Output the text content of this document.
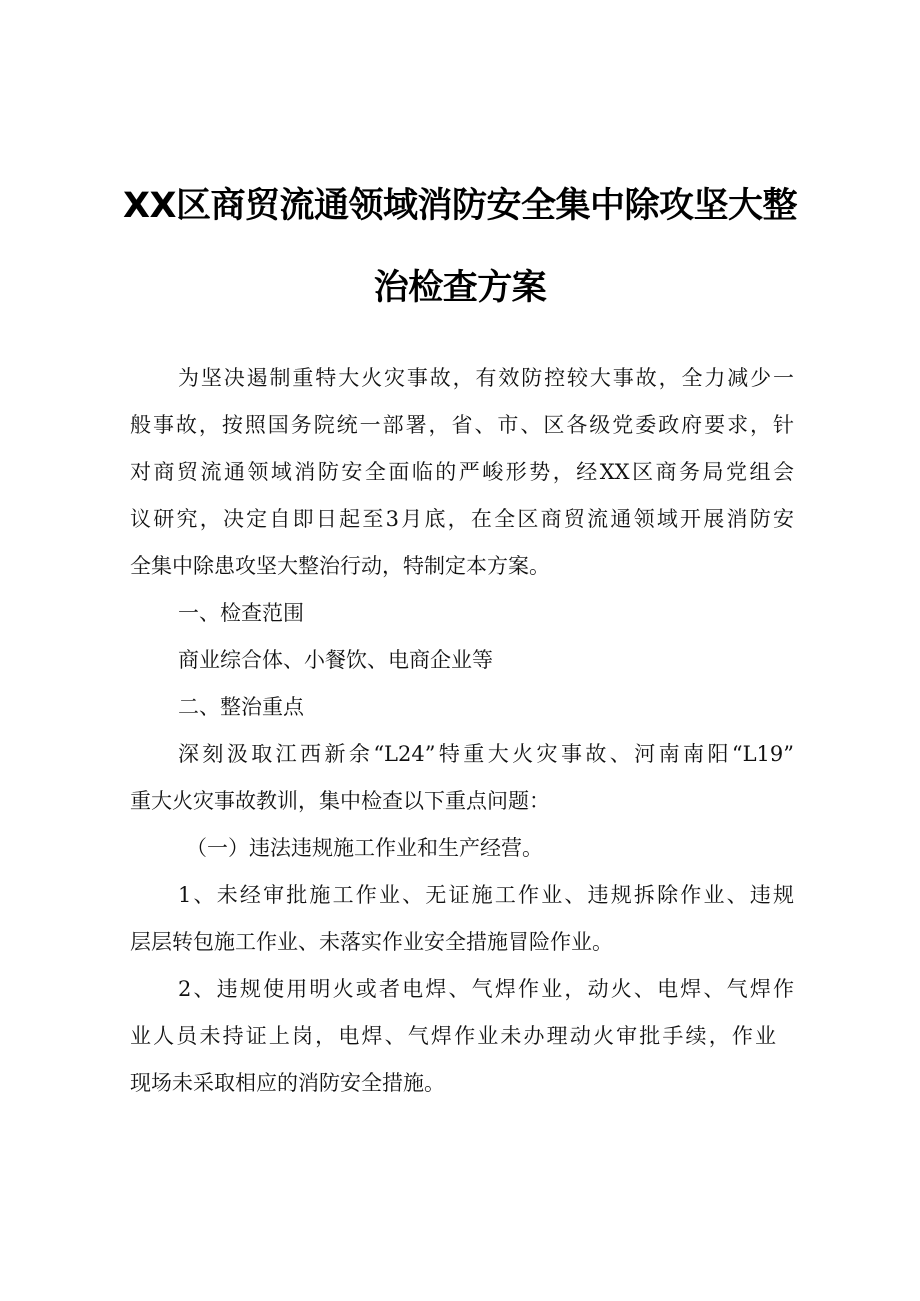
XX区商贸流通领域消防安全集中除攻坚大整
治检查方案

为坚决遏制重特大火灾事故，有效防控较大事故，全力减少一

般事故，按照国务院统一部署，省、市、区各级党委政府要求，针

对商贸流通领域消防安全面临的严峻形势，经XX区商务局党组会

议研究，决定自即日起至3月底，在全区商贸流通领域开展消防安

全集中除患攻坚大整治行动，特制定本方案。

一、检查范围

商业综合体、小餐饮、电商企业等

二、整治重点

深刻汲取江西新余“L24”特重大火灾事故、河南南阳“L19”

重大火灾事故教训，集中检查以下重点问题：

（一）违法违规施工作业和生产经营。

1、未经审批施工作业、无证施工作业、违规拆除作业、违规

层层转包施工作业、未落实作业安全措施冒险作业。

2、违规使用明火或者电焊、气焊作业，动火、电焊、气焊作

业人员未持证上岗，电焊、气焊作业未办理动火审批手续，作业

现场未采取相应的消防安全措施。
